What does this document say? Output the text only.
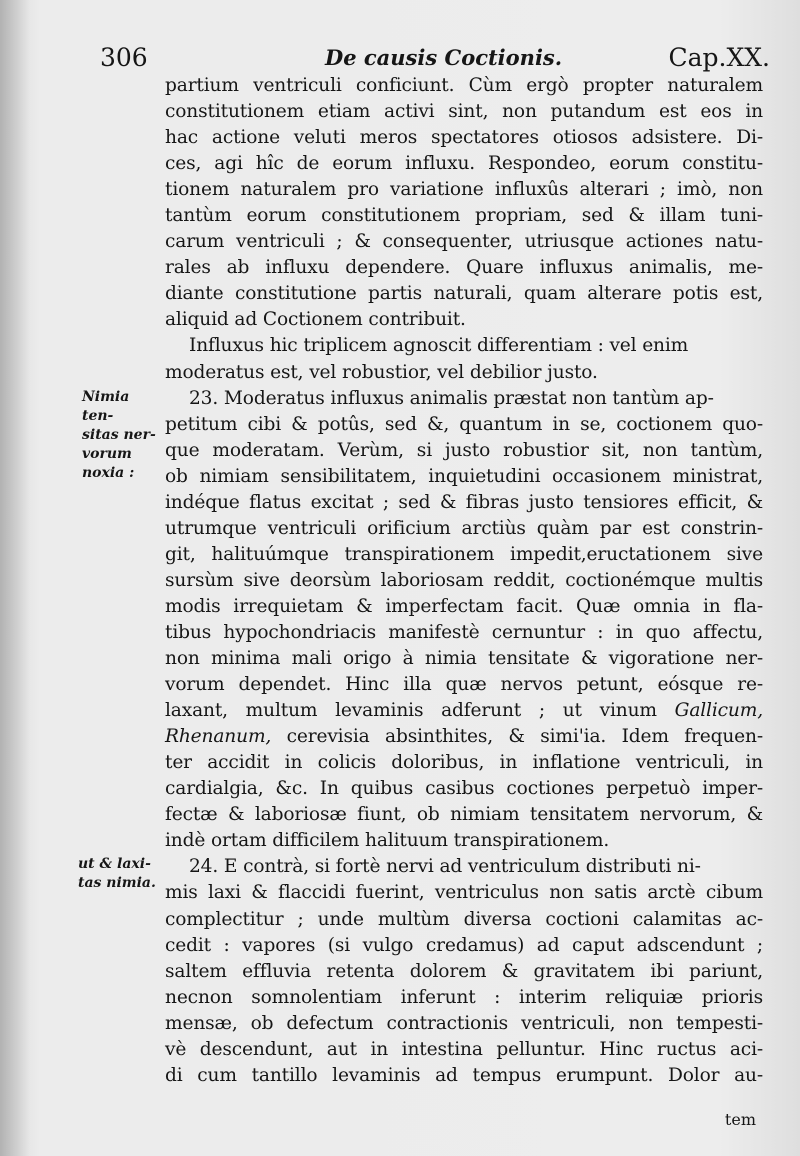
306	De causis Coctionis.	Cap.XX.
Nimia ten-
sitas ner-
vorum
noxia :
ut & laxi-
tas nimia.
partium ventriculi conficiunt. Cùm ergò propter naturalem
constitutionem etiam activi sint, non putandum est eos in
hac actione veluti meros spectatores otiosos adsistere. Di-
ces, agi hîc de eorum influxu. Respondeo, eorum constitu-
tionem naturalem pro variatione influxûs alterari ; imò, non
tantùm eorum constitutionem propriam, sed & illam tuni-
carum ventriculi ; & consequenter, utriusque actiones natu-
rales ab influxu dependere. Quare influxus animalis, me-
diante constitutione partis naturali, quam alterare potis est,
aliquid ad Coctionem contribuit.
Influxus hic triplicem agnoscit differentiam : vel enim
moderatus est, vel robustior, vel debilior justo.
23. Moderatus influxus animalis præstat non tantùm ap-
petitum cibi & potûs, sed &, quantum in se, coctionem quo-
que moderatam. Verùm, si justo robustior sit, non tantùm,
ob nimiam sensibilitatem, inquietudini occasionem ministrat,
indéque flatus excitat ; sed & fibras justo tensiores efficit, &
utrumque ventriculi orificium arctiùs quàm par est constrin-
git, halituúmque transpirationem impedit,eructationem sive
sursùm sive deorsùm laboriosam reddit, coctionémque multis
modis irrequietam & imperfectam facit. Quæ omnia in fla-
tibus hypochondriacis manifestè cernuntur : in quo affectu,
non minima mali origo à nimia tensitate & vigoratione ner-
vorum dependet. Hinc illa quæ nervos petunt, eósque re-
laxant, multum levaminis adferunt ; ut vinum Gallicum,
Rhenanum, cerevisia absinthites, & simi'ia. Idem frequen-
ter accidit in colicis doloribus, in inflatione ventriculi, in
cardialgia, &c. In quibus casibus coctiones perpetuò imper-
fectæ & laboriosæ fiunt, ob nimiam tensitatem nervorum, &
indè ortam difficilem halituum transpirationem.
24. E contrà, si fortè nervi ad ventriculum distributi ni-
mis laxi & flaccidi fuerint, ventriculus non satis arctè cibum
complectitur ; unde multùm diversa coctioni calamitas ac-
cedit : vapores (si vulgo credamus) ad caput adscendunt ;
saltem effluvia retenta dolorem & gravitatem ibi pariunt,
necnon somnolentiam inferunt : interim reliquiæ prioris
mensæ, ob defectum contractionis ventriculi, non tempesti-
vè descendunt, aut in intestina pelluntur. Hinc ructus aci-
di cum tantillo levaminis ad tempus erumpunt. Dolor au-
tem
